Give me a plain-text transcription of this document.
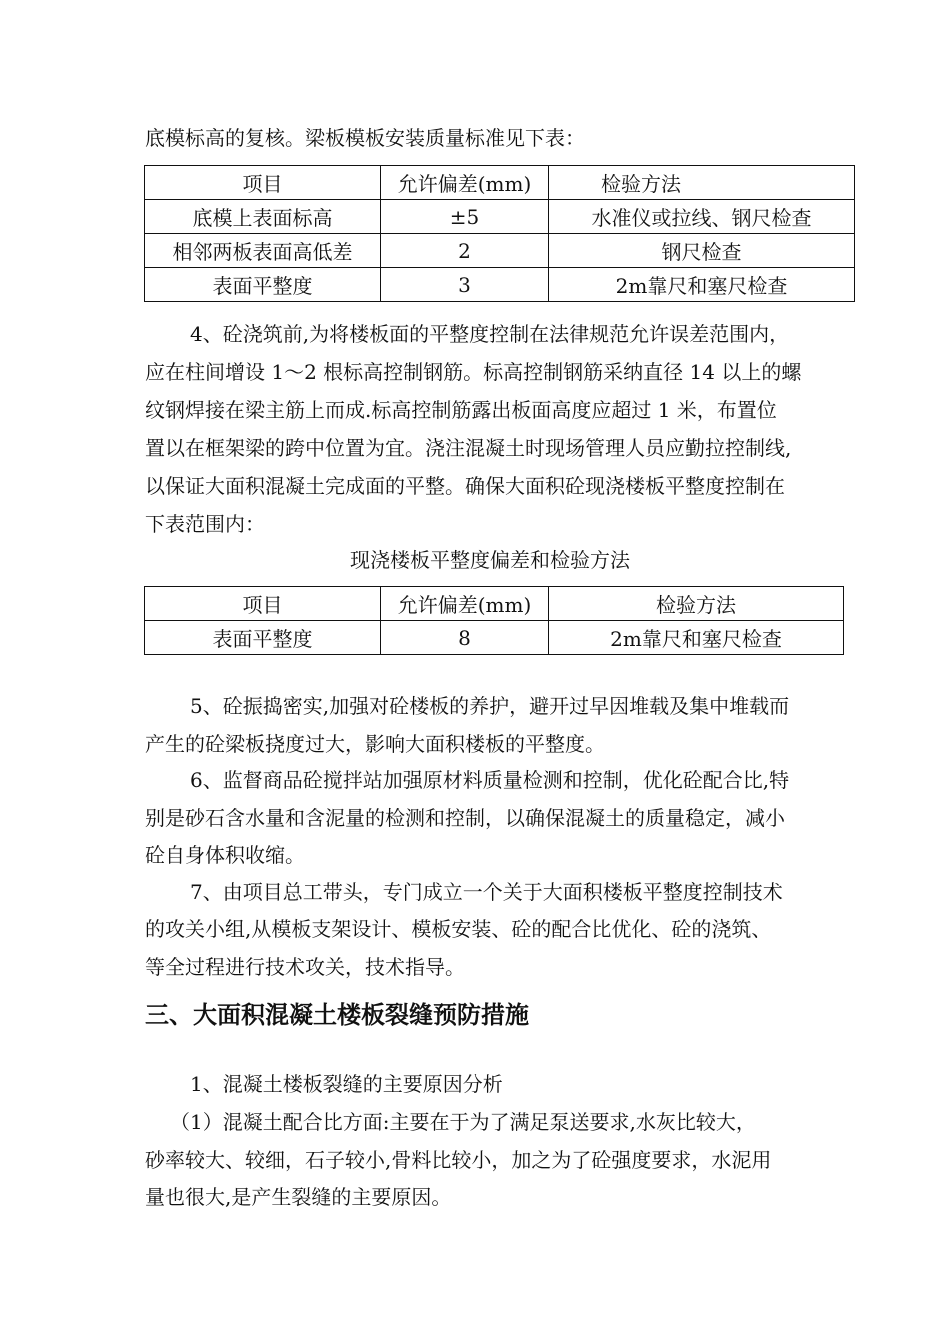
底模标高的复核。梁板模板安装质量标准见下表：
项目	允许偏差(mm)	检验方法
底模上表面标高	±5	水准仪或拉线、钢尺检查
相邻两板表面高低差	2	钢尺检查
表面平整度	3	2m靠尺和塞尺检查
4、砼浇筑前,为将楼板面的平整度控制在法律规范允许误差范围内，
应在柱间增设 1～2 根标高控制钢筋。标高控制钢筋采纳直径 14 以上的螺
纹钢焊接在梁主筋上而成.标高控制筋露出板面高度应超过 1 米，布置位
置以在框架梁的跨中位置为宜。浇注混凝土时现场管理人员应勤拉控制线,
以保证大面积混凝土完成面的平整。确保大面积砼现浇楼板平整度控制在
下表范围内：
现浇楼板平整度偏差和检验方法
项目	允许偏差(mm)	检验方法
表面平整度	8	2m靠尺和塞尺检查
5、砼振捣密实,加强对砼楼板的养护，避开过早因堆载及集中堆载而
产生的砼梁板挠度过大，影响大面积楼板的平整度。
6、监督商品砼搅拌站加强原材料质量检测和控制，优化砼配合比,特
别是砂石含水量和含泥量的检测和控制，以确保混凝土的质量稳定，减小
砼自身体积收缩。
7、由项目总工带头，专门成立一个关于大面积楼板平整度控制技术
的攻关小组,从模板支架设计、模板安装、砼的配合比优化、砼的浇筑、
等全过程进行技术攻关，技术指导。
三、大面积混凝土楼板裂缝预防措施
1、混凝土楼板裂缝的主要原因分析
（1）混凝土配合比方面:主要在于为了满足泵送要求,水灰比较大，
砂率较大、较细，石子较小,骨料比较小，加之为了砼强度要求，水泥用
量也很大,是产生裂缝的主要原因。
